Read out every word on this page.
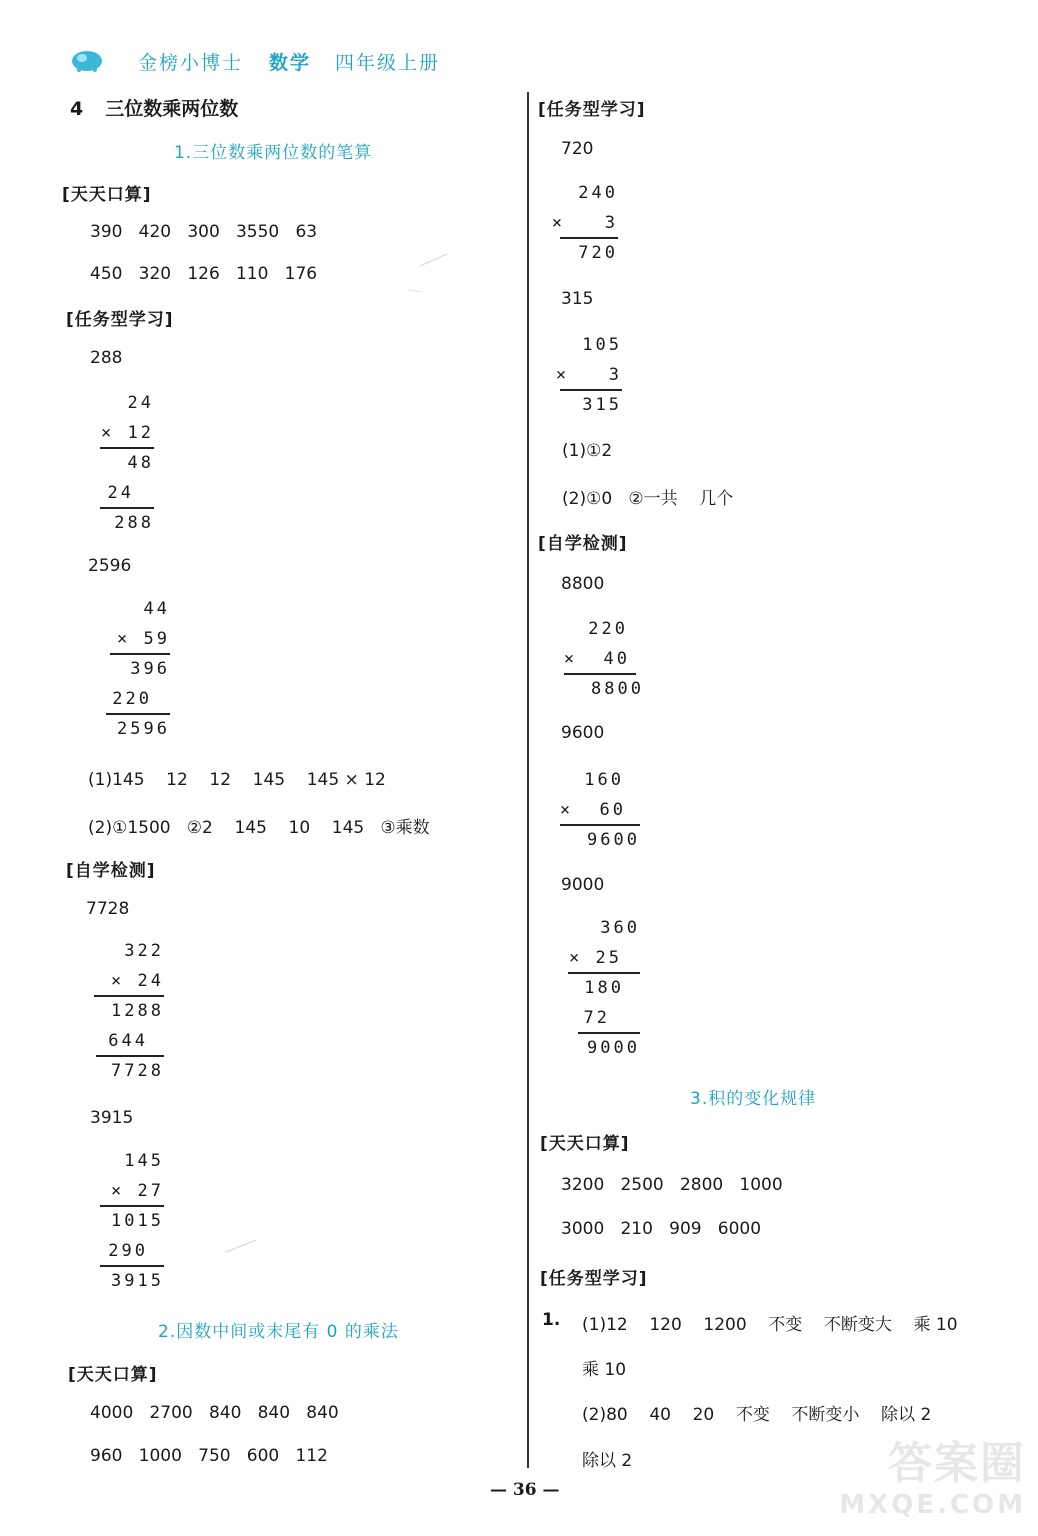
金榜小博士 数学 四年级上册
4 三位数乘两位数
1.三位数乘两位数的笔算
[天天口算]
390   420   300   3550   63
450   320   126   110   176
[任务型学习]
288
24
× 12
48
24
288
2596
44
× 59
396
220
2596
(1)145    12    12    145    145 × 12
(2)①1500   ②2    145    10    145   ③乘数
[自学检测]
7728
322
× 24
1288
644
7728
3915
145
× 27
1015
290
3915
2.因数中间或末尾有 0 的乘法
[天天口算]
4000   2700   840   840   840
960   1000   750   600   112
[任务型学习]
720
240
×   3
720
315
105
×   3
315
(1)①2
(2)①0   ②一共    几个
[自学检测]
8800
220
×  40
8800
9600
160
×  60
9600
9000
360
× 25
180
72
9000
3.积的变化规律
[天天口算]
3200   2500   2800   1000
3000   210   909   6000
[任务型学习]
1. (1)12    120    1200    不变    不断变大    乘 10
乘 10
(2)80    40    20    不变    不断变小    除以 2
除以 2
— 36 —
答案圈
MXQE.COM
